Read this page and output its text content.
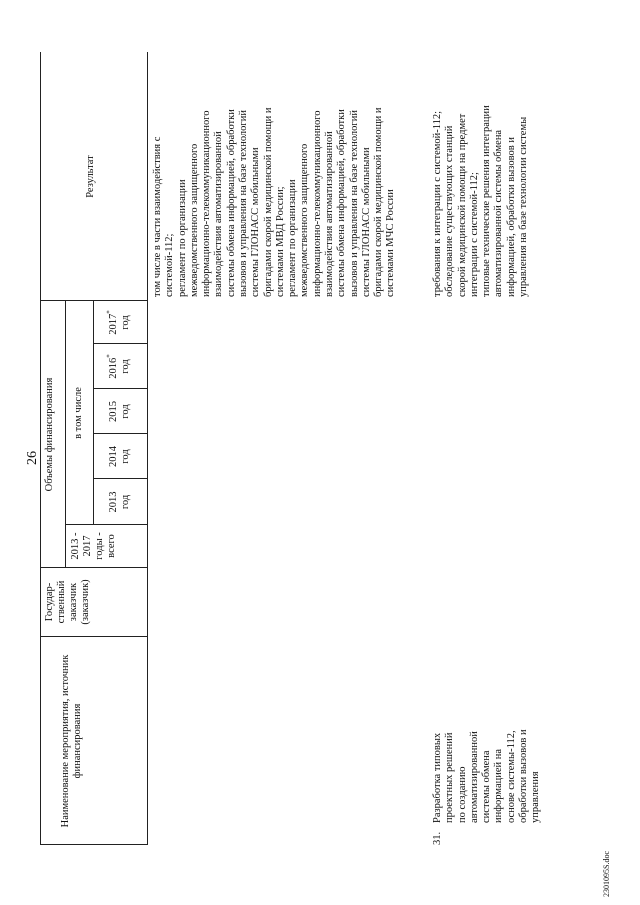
26
Наименование мероприятия, источник финансирования
Государ- ственный заказчик (заказчик)
Объемы финансирования
2013 - 2017 годы - всего
в том числе
2013
год
2014
год
2015
год
2016*
год
2017*
год
Результат	том числе в части взаимодействия с системой-112; регламент по организации межведомственного защищенного информационно-телекоммуникационного взаимодействия автоматизированной системы обмена информацией, обработки вызовов и управления на базе технологий системы ГЛОНАСС мобильными бригадами скорой медицинской помощи и системами МВД России; регламент по организации межведомственного защищенного информационно-телекоммуникационного взаимодействия автоматизированной системы обмена информацией, обработки вызовов и управления на базе технологий системы ГЛОНАСС мобильными бригадами скорой медицинской помощи и системами МЧС России
31.
Разработка типовых проектных решений по созданию автоматизированной системы обмена информацией на основе системы-112, обработки вызовов и управления
требования к интеграции с системой-112; обследование существующих станций скорой медицинской помощи на предмет интеграции с системой-112; типовые технические решения интеграции автоматизированной системы обмена информацией, обработки вызовов и управления на базе технологии системы
2301095S.doc
